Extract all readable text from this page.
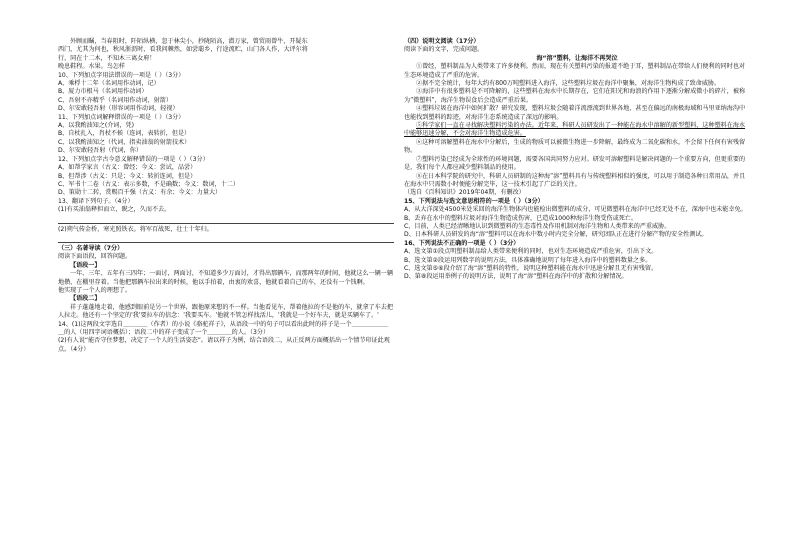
外顾而瞩，当春阻时，阡陌纵横，忽于林尖小，抄陇陌高，潜万家，曾贸雨曾牛，开疑东

西门，尤其为何也，秋风浙沥时，看我问棘然，如尝聪乡，行途流贮，山门各人作，大评尔将

行，同在十二木，不知木三离女府！

晚息鞋程。水果。鸟怎样

10、下列加点字用法错误的一项是（ ）（3分）

A、乘桴十二年（名词用作动词，记）

B、厦力市根马（名词用作动词）

C、吾射不亦精乎（名词用作动词，射箭）

D、尔安敢轻吾射（形容词用作动词，轻视）

11、下列加点词解释错误的一项是（ ）（3分）

A、以我酌油知之(介词，凭)

B、自杖扎入，肖杖不候（连词，表转折，但是）

C、以我酌油知之（代词，指卖油翁的射箭技术）

D、尔安敢轻吾射（代词，你）

12、下列加点字古今意义解释错误的一项是（ ）（3分）

A、如帮学家言（古义：曾经；今义：尝试，品尝）

B、但帮涉（古义：只是；今义：转折连词，但是）

C、军书十二卷（古义：表示多数，不是确数；今义：数词，十二）

D、策勋十二转，赏赐百千强（古义：有余；今义：力量大）

13、翻译下列句子。（4分）

(1)有买油翁释担而立，睨之，久而不去。

(2)朔气传金桥，寒光照铁衣。将军百战死，壮士十年归。

（三）名著导读（7分）

阅读下面语段，回答问题。

【语段一】

一年、三年、五年有三四年；一面讨，两面讨，不知道多少万面讨，才得出那辆车，而那两年的时间，他就这么一辆一辆地攒，在棚里存着。当他把那辆车拉出来的时候，他以手拍着，由衷的欢喜，他就看着自己的车，还没有一个钱啊。

他实现了一个人的理想了。

【语段二】

祥子蓬蓬地走着，他感到眼前是另一个世界，跟他原来想的不一样。当他看见车，帮着他拉的不是他的车，就拿了车去把人拉走。他还有一个坚定的'我'要拉车的信念：'我要买车。'他就不管怎样找活儿，'我就是一个好车夫，就是买辆车了。'

14、(1)这两段文字选自＿＿＿＿（作者）的小说《骆驼祥子》，从语段一中的句子可以看出此时的祥子是一个＿＿＿＿＿＿＿的人（用四字词语概括）；语段二中的祥子变成了一个＿＿＿＿的人。（3分）

(2)有人说“能否守住梦想，决定了一个人的生活姿态”。请以祥子为例，结合语段二，从正反两方面概括出一个情节印证此观点。（4分）

（四）说明文阅读（17分）

阅读下面的文字，完成问题。

海“溶”塑料，让海洋不再哭泣

①曾经，塑料制品为人类带来了许多便利。然而，现在有关塑料污染的报道不绝于耳，塑料制品在带给人们便利的同时也对生态环境造成了严重的危害。

②据不完全统计，每年大约有800万吨塑料进入海洋，这些塑料垃圾在海洋中聚集，对海洋生物构成了致命威胁。

③海洋中有很多塑料是不可降解的，这些塑料在海水中长期存在，它们在阳光和海浪的作用下逐渐分解成微小的碎片，被称为“微塑料”，海洋生物误食后会造成严重后果。

④塑料垃圾在海洋中如何扩散？研究发现，塑料垃圾会随着洋流漂流到世界各地，甚至在偏远的南极海域和马里亚纳海沟中也能找到塑料的踪迹，对海洋生态系统造成了深远的影响。

⑤科学家们一直在寻找解决塑料污染的办法。近年来，科研人员研发出了一种能在海水中溶解的新型塑料，这种塑料在海水中能够迅速分解，不会对海洋生物造成危害。

⑥这种可溶解塑料在海水中分解后，生成的物质可以被微生物进一步降解，最终成为二氧化碳和水，不会留下任何有害残留物。

⑦塑料污染已经成为全球性的环境问题，需要各国共同努力应对。研发可溶解塑料是解决问题的一个重要方向，但更重要的是，我们每个人都应减少塑料制品的使用。

⑧在日本科学院的研究中，科研人员研制的这种海“溶”塑料具有与传统塑料相似的强度，可以用于制造各种日常用品，并且在海水中只需数小时便能分解完毕，这一技术引起了广泛的关注。

（选自《百科知识》2019年04期，有删改）

15、下列说法与选文意思相符的一项是（ ）（3分）

A、从大洋深处4500米处采回的海洋生物体内也能检出微塑料的成分，可见微塑料在海洋中已经无处不在，深海中也未能幸免。

B、丢弃在水中的塑料垃圾对海洋生物造成伤害，已造成1000种海洋生物受伤或死亡。

C、目前，人类已经清晰地认识到微塑料的生态毒性及作用机制对海洋生物和人类带来的严重威胁。

D、日本科研人员研发的海“溶”塑料可以在海水中数小时内完全分解，研究团队正在进行分解产物的安全性测试。

16、下列说法不正确的一项是（ ）（3分）

A、选文第①段点明塑料制品给人类带来便利的同时，也对生态环境造成严重危害，引出下文。

B、选文第②段运用列数字的说明方法，具体准确地说明了每年进入海洋中的塑料数量之多。

C、选文第⑤⑥段介绍了海“溶”塑料的特性，说明这种塑料能在海水中迅速分解且无有害残留。

D、第⑧段运用举例子的说明方法，说明了海“溶”塑料在海洋中的扩散和分解情况。
